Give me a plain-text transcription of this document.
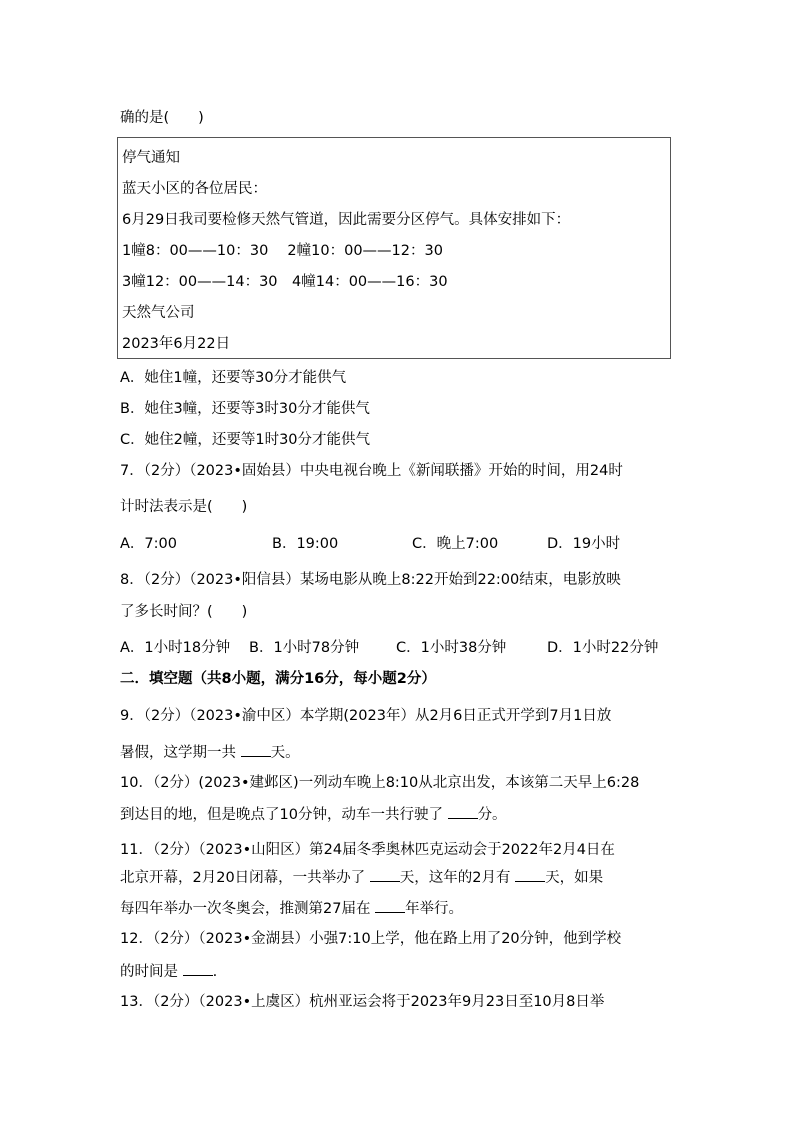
确的是(　　)
停气通知
蓝天小区的各位居民：
6月29日我司要检修天然气管道，因此需要分区停气。具体安排如下：
1幢8：00——10：30　 2幢10：00——12：30
3幢12：00——14：30　4幢14：00——16：30
天然气公司
2023年6月22日
A．她住1幢，还要等30分才能供气
B．她住3幢，还要等3时30分才能供气
C．她住2幢，还要等1时30分才能供气
7．（2分）（2023•固始县）中央电视台晚上《新闻联播》开始的时间，用24时
计时法表示是(　　)
A．7:00	B．19:00	C．晚上7:00	D．19小时
8．（2分）（2023•阳信县）某场电影从晚上8:22开始到22:00结束，电影放映
了多长时间？(　　)
A．1小时18分钟 B．1小时78分钟	C．1小时38分钟	D．1小时22分钟
二．填空题（共8小题，满分16分，每小题2分）
9．（2分）（2023•渝中区）本学期(2023年）从2月6日正式开学到7月1日放
暑假，这学期一共 天。
10．（2分）(2023•建邺区)一列动车晚上8:10从北京出发，本该第二天早上6:28
到达目的地，但是晚点了10分钟，动车一共行驶了 分。
11．（2分）（2023•山阳区）第24届冬季奥林匹克运动会于2022年2月4日在
北京开幕，2月20日闭幕，一共举办了 天，这年的2月有 天，如果
每四年举办一次冬奥会，推测第27届在 年举行。
12．（2分）（2023•金湖县）小强7:10上学，他在路上用了20分钟，他到学校
的时间是 .
13．（2分）（2023•上虞区）杭州亚运会将于2023年9月23日至10月8日举
